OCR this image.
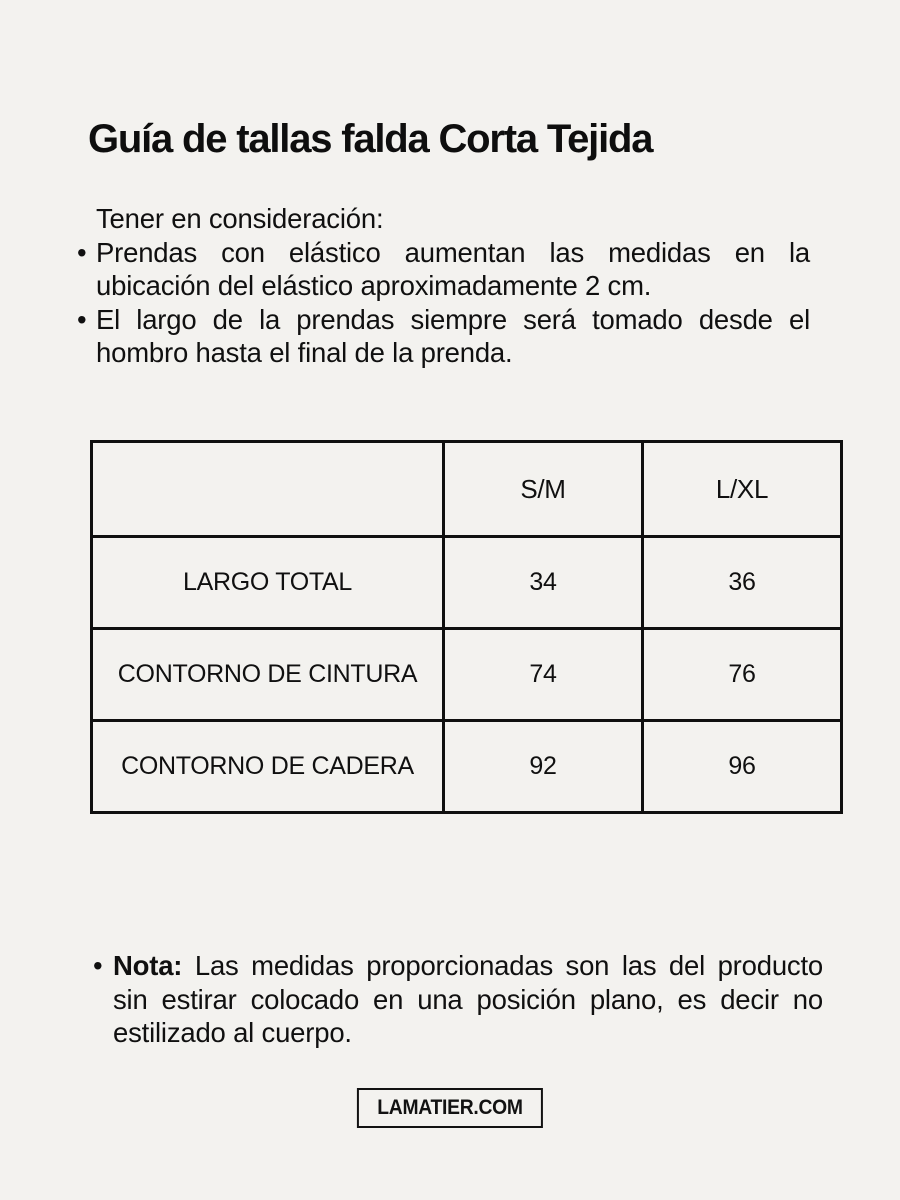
Guía de tallas falda Corta Tejida
Tener en consideración:
• Prendas con elástico aumentan las medidas en la ubicación del elástico aproximadamente 2 cm.
• El largo de la prendas siempre será tomado desde el hombro hasta el final de la prenda.
	S/M	L/XL
LARGO TOTAL	34	36
CONTORNO DE CINTURA	74	76
CONTORNO DE CADERA	92	96
• Nota: Las medidas proporcionadas son las del producto sin estirar colocado en una posición plano, es decir no estilizado al cuerpo.
LAMATIER.COM
